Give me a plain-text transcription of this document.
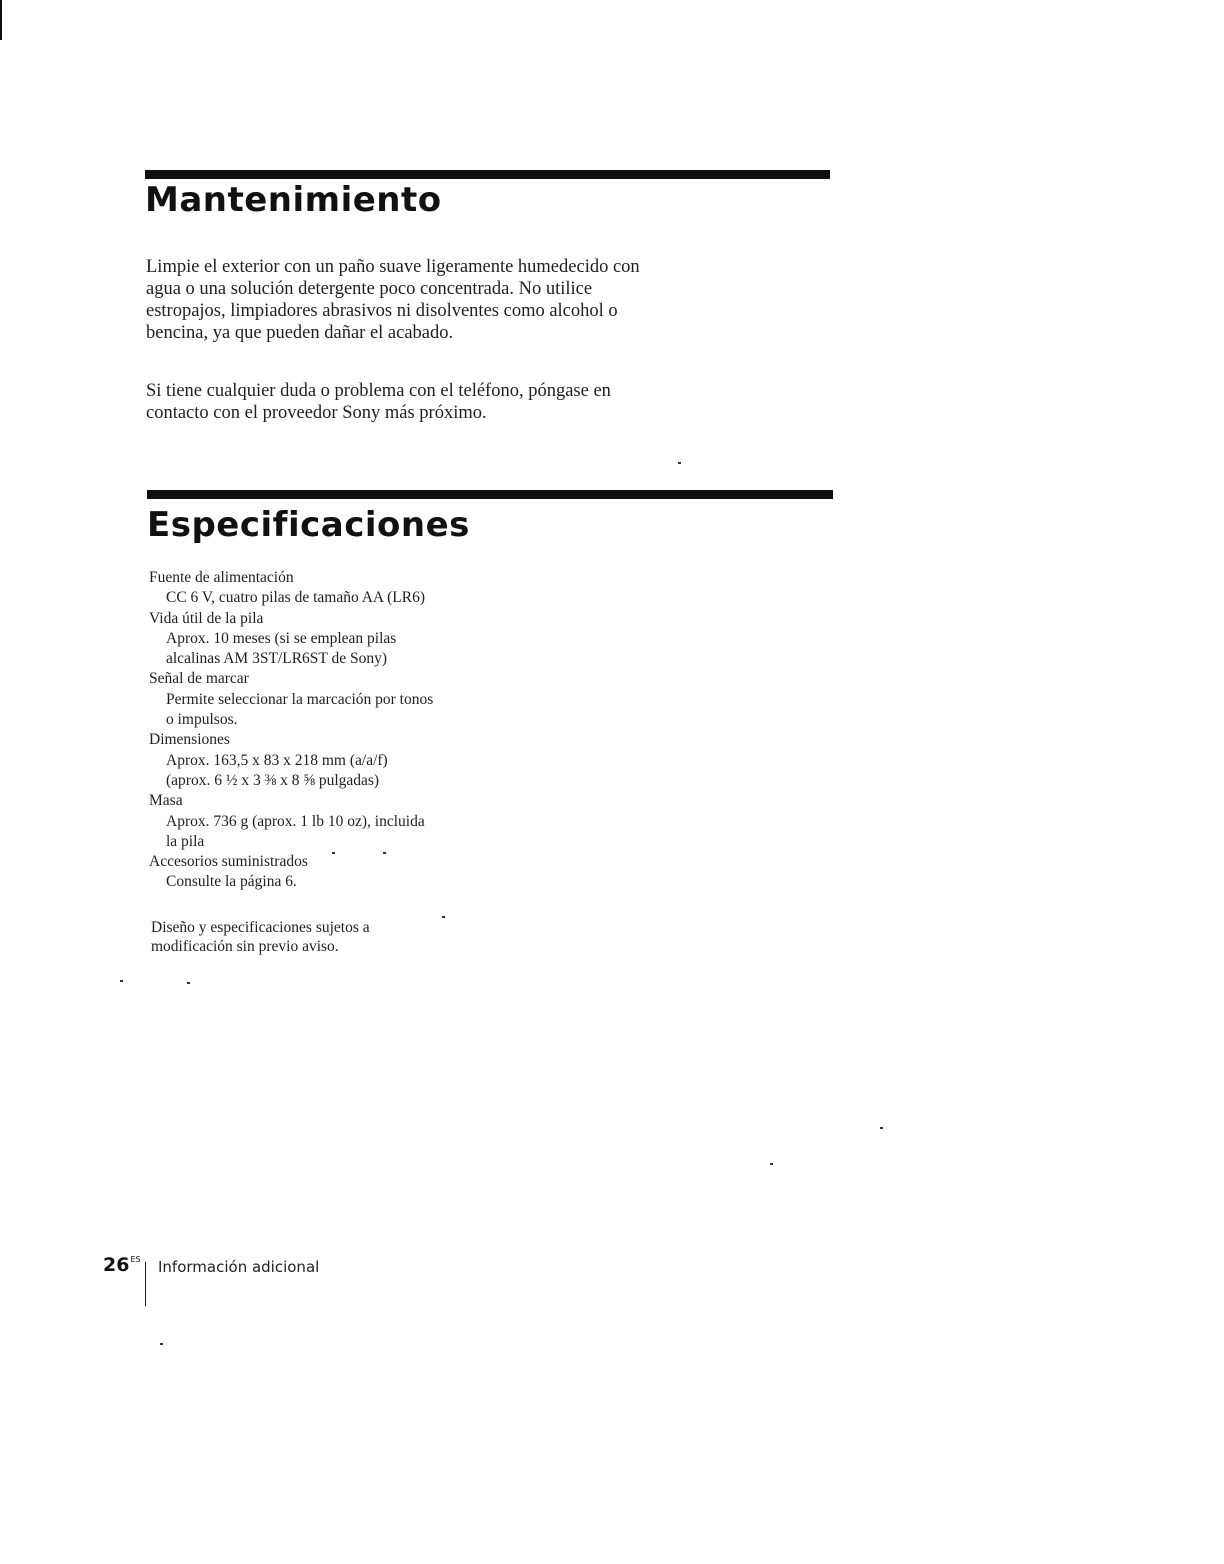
Mantenimiento
Limpie el exterior con un paño suave ligeramente humedecido con
agua o una solución detergente poco concentrada. No utilice
estropajos, limpiadores abrasivos ni disolventes como alcohol o
bencina, ya que pueden dañar el acabado.
Si tiene cualquier duda o problema con el teléfono, póngase en
contacto con el proveedor Sony más próximo.
Especificaciones
Fuente de alimentación
CC 6 V, cuatro pilas de tamaño AA (LR6)
Vida útil de la pila
Aprox. 10 meses (si se emplean pilas
alcalinas AM 3ST/LR6ST de Sony)
Señal de marcar
Permite seleccionar la marcación por tonos
o impulsos.
Dimensiones
Aprox. 163,5 x 83 x 218 mm (a/a/f)
(aprox. 6 ½ x 3 ⅜ x 8 ⅝ pulgadas)
Masa
Aprox. 736 g (aprox. 1 lb 10 oz), incluida
la pila
Accesorios suministrados
Consulte la página 6.
Diseño y especificaciones sujetos a
modificación sin previo aviso.
$26^{ES}$ Información adicional
